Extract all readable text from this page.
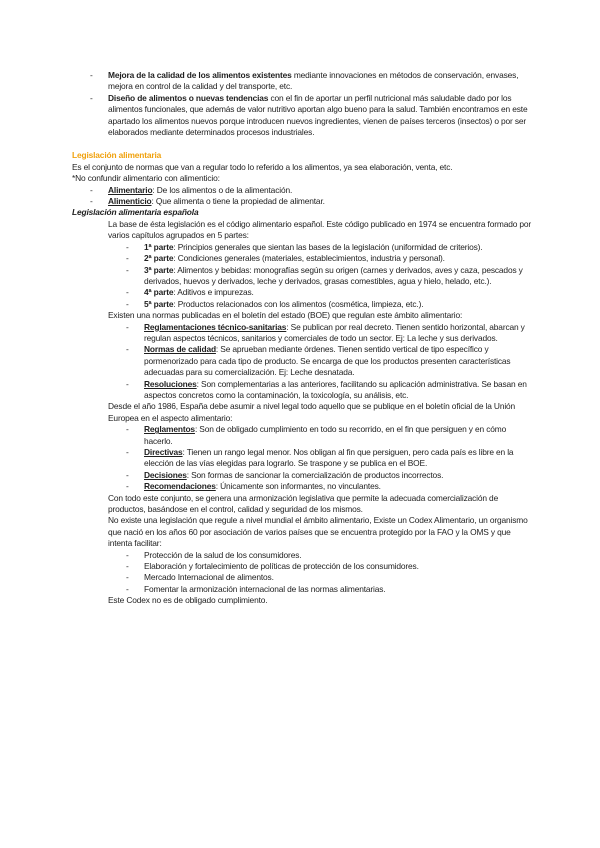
- Mejora de la calidad de los alimentos existentes mediante innovaciones en métodos de conservación, envases, mejora en control de la calidad y del transporte, etc.
- Diseño de alimentos o nuevas tendencias con el fin de aportar un perfil nutricional más saludable dado por los alimentos funcionales, que además de valor nutritivo aportan algo bueno para la salud. También encontramos en este apartado los alimentos nuevos porque introducen nuevos ingredientes, vienen de países terceros (insectos) o por ser elaborados mediante determinados procesos industriales.

Legislación alimentaria

Es el conjunto de normas que van a regular todo lo referido a los alimentos, ya sea elaboración, venta, etc.

*No confundir alimentario con alimenticio:

- Alimentario: De los alimentos o de la alimentación.
- Alimenticio: Que alimenta o tiene la propiedad de alimentar.

Legislación alimentaria española

La base de ésta legislación es el código alimentario español. Este código publicado en 1974 se encuentra formado por varios capítulos agrupados en 5 partes:

- 1ª parte: Principios generales que sientan las bases de la legislación (uniformidad de criterios).
- 2ª parte: Condiciones generales (materiales, establecimientos, industria y personal).
- 3ª parte: Alimentos y bebidas: monografías según su origen (carnes y derivados, aves y caza, pescados y derivados, huevos y derivados, leche y derivados, grasas comestibles, agua y hielo, helado, etc.).
- 4ª parte: Aditivos e impurezas.
- 5ª parte: Productos relacionados con los alimentos (cosmética, limpieza, etc.).

Existen una normas publicadas en el boletín del estado (BOE) que regulan este ámbito alimentario:

- Reglamentaciones técnico-sanitarias: Se publican por real decreto. Tienen sentido horizontal, abarcan y regulan aspectos técnicos, sanitarios y comerciales de todo un sector. Ej: La leche y sus derivados.
- Normas de calidad: Se aprueban mediante órdenes. Tienen sentido vertical de tipo específico y pormenorizado para cada tipo de producto. Se encarga de que los productos presenten características adecuadas para su comercialización. Ej: Leche desnatada.
- Resoluciones: Son complementarias a las anteriores, facilitando su aplicación administrativa. Se basan en aspectos concretos como la contaminación, la toxicología, su análisis, etc.

Desde el año 1986, España debe asumir a nivel legal todo aquello que se publique en el boletín oficial de la Unión Europea en el aspecto alimentario:

- Reglamentos: Son de obligado cumplimiento en todo su recorrido, en el fin que persiguen y en cómo hacerlo.
- Directivas: Tienen un rango legal menor. Nos obligan al fin que persiguen, pero cada país es libre en la elección de las vías elegidas para lograrlo. Se traspone y se publica en el BOE.
- Decisiones: Son formas de sancionar la comercialización de productos incorrectos.
- Recomendaciones: Únicamente son informantes, no vinculantes.

Con todo este conjunto, se genera una armonización legislativa que permite la adecuada comercialización de productos, basándose en el control, calidad y seguridad de los mismos.

No existe una legislación que regule a nivel mundial el ámbito alimentario, Existe un Codex Alimentario, un organismo que nació en los años 60 por asociación de varios países que se encuentra protegido por la FAO y la OMS y que intenta facilitar:

- Protección de la salud de los consumidores.
- Elaboración y fortalecimiento de políticas de protección de los consumidores.
- Mercado Internacional de alimentos.
- Fomentar la armonización internacional de las normas alimentarias.

Este Codex no es de obligado cumplimiento.
